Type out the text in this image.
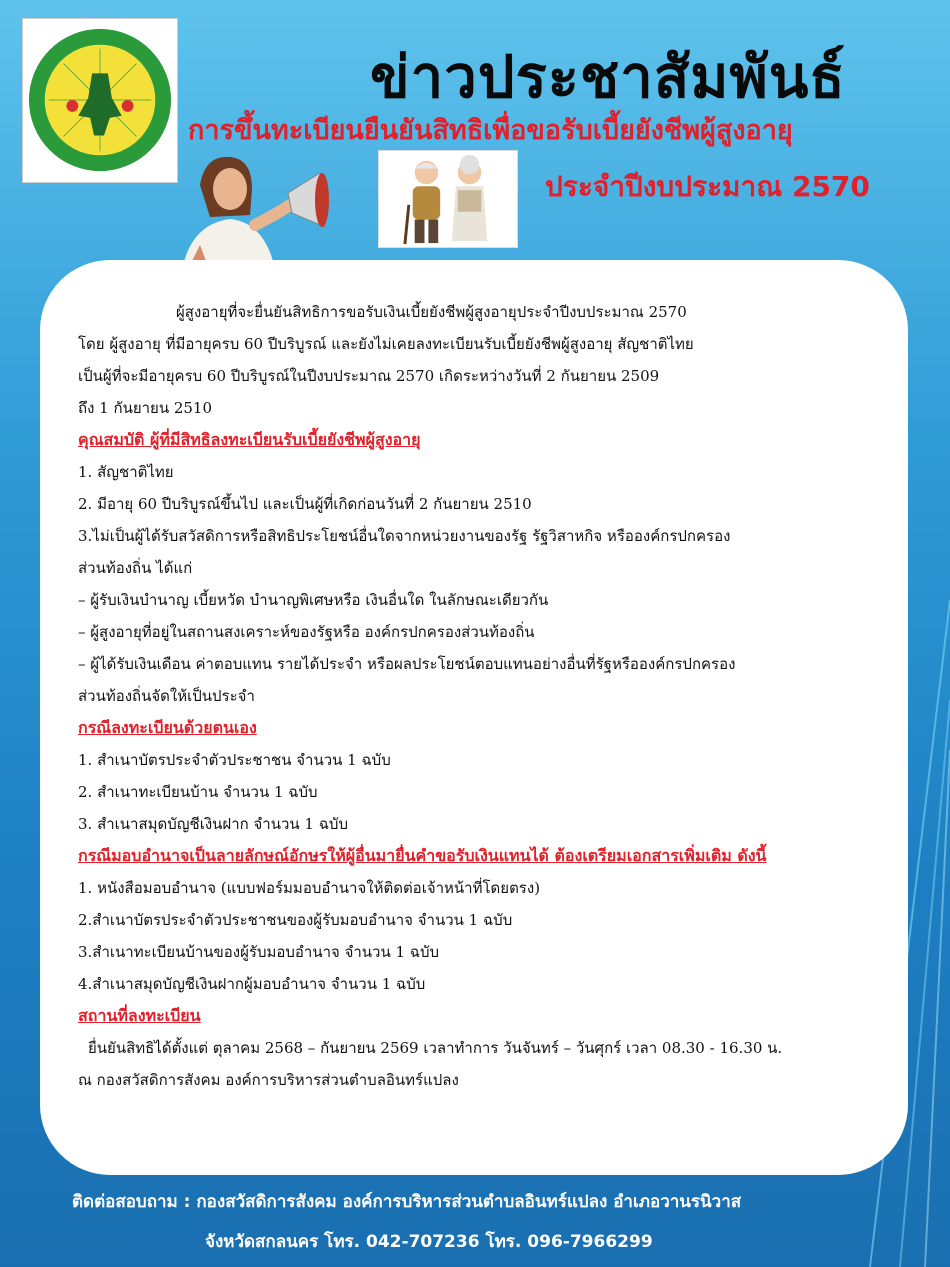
ข่าวประชาสัมพันธ์
การขึ้นทะเบียนยืนยันสิทธิเพื่อขอรับเบี้ยยังชีพผู้สูงอายุ
ประจำปีงบประมาณ 2570

ผู้สูงอายุที่จะยื่นยันสิทธิการขอรับเงินเบี้ยยังชีพผู้สูงอายุประจำปีงบประมาณ 2570

โดย ผู้สูงอายุ ที่มีอายุครบ 60 ปีบริบูรณ์ และยังไม่เคยลงทะเบียนรับเบี้ยยังชีพผู้สูงอายุ สัญชาติไทย

เป็นผู้ที่จะมีอายุครบ 60 ปีบริบูรณ์ในปีงบประมาณ 2570 เกิดระหว่างวันที่ 2 กันยายน 2509

ถึง 1 กันยายน 2510

คุณสมบัติ ผู้ที่มีสิทธิลงทะเบียนรับเบี้ยยังชีพผู้สูงอายุ

1. สัญชาติไทย

2. มีอายุ 60 ปีบริบูรณ์ขึ้นไป และเป็นผู้ที่เกิดก่อนวันที่ 2 กันยายน 2510

3.ไม่เป็นผู้ได้รับสวัสดิการหรือสิทธิประโยชน์อื่นใดจากหน่วยงานของรัฐ รัฐวิสาหกิจ หรือองค์กรปกครอง

ส่วนท้องถิ่น ได้แก่

– ผู้รับเงินบำนาญ เบี้ยหวัด บำนาญพิเศษหรือ เงินอื่นใด ในลักษณะเดียวกัน

– ผู้สูงอายุที่อยู่ในสถานสงเคราะห์ของรัฐหรือ องค์กรปกครองส่วนท้องถิ่น

– ผู้ได้รับเงินเดือน ค่าตอบแทน รายได้ประจำ หรือผลประโยชน์ตอบแทนอย่างอื่นที่รัฐหรือองค์กรปกครอง

ส่วนท้องถิ่นจัดให้เป็นประจำ

กรณีลงทะเบียนด้วยตนเอง

1. สำเนาบัตรประจำตัวประชาชน จำนวน 1 ฉบับ

2. สำเนาทะเบียนบ้าน จำนวน 1 ฉบับ

3. สำเนาสมุดบัญชีเงินฝาก จำนวน 1 ฉบับ

กรณีมอบอำนาจเป็นลายลักษณ์อักษรให้ผู้อื่นมายื่นคำขอรับเงินแทนได้ ต้องเตรียมเอกสารเพิ่มเติม ดังนี้

1. หนังสือมอบอำนาจ (แบบฟอร์มมอบอำนาจให้ติดต่อเจ้าหน้าที่โดยตรง)

2.สำเนาบัตรประจำตัวประชาชนของผู้รับมอบอำนาจ จำนวน 1 ฉบับ

3.สำเนาทะเบียนบ้านของผู้รับมอบอำนาจ จำนวน 1 ฉบับ

4.สำเนาสมุดบัญชีเงินฝากผู้มอบอำนาจ จำนวน 1 ฉบับ

สถานที่ลงทะเบียน

ยื่นยันสิทธิได้ตั้งแต่ ตุลาคม 2568 – กันยายน 2569 เวลาทำการ วันจันทร์ – วันศุกร์ เวลา 08.30 - 16.30 น.

ณ กองสวัสดิการสังคม องค์การบริหารส่วนตำบลอินทร์แปลง

ติดต่อสอบถาม : กองสวัสดิการสังคม องค์การบริหารส่วนตำบลอินทร์แปลง อำเภอวานรนิวาส
จังหวัดสกลนคร โทร. 042-707236 โทร. 096-7966299
